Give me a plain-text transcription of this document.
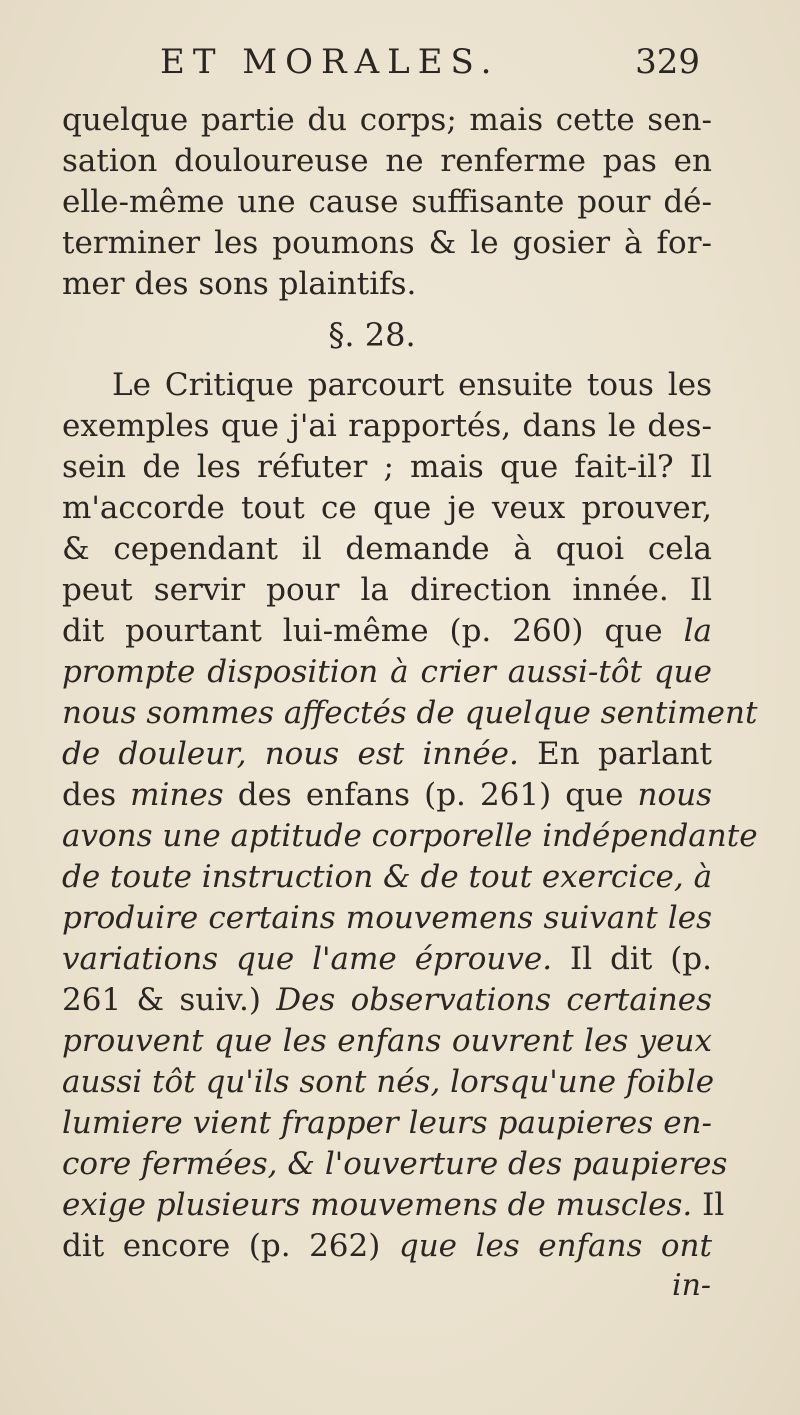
ET MORALES.	329
quelque partie du corps; mais cette sen-
sation douloureuse ne renferme pas en
elle-même une cause suffisante pour dé-
terminer les poumons & le gosier à for-
mer des sons plaintifs.
§. 28.
Le Critique parcourt ensuite tous les
exemples que j'ai rapportés, dans le des-
sein de les réfuter ; mais que fait-il? Il
m'accorde tout ce que je veux prouver,
& cependant il demande à quoi cela
peut servir pour la direction innée. Il
dit pourtant lui-même (p. 260) que la
prompte disposition à crier aussi-tôt que
nous sommes affectés de quelque sentiment
de douleur, nous est innée. En parlant
des mines des enfans (p. 261) que nous
avons une aptitude corporelle indépendante
de toute instruction & de tout exercice, à
produire certains mouvemens suivant les
variations que l'ame éprouve. Il dit (p.
261 & suiv.) Des observations certaines
prouvent que les enfans ouvrent les yeux
aussi tôt qu'ils sont nés, lorsqu'une foible
lumiere vient frapper leurs paupieres en-
core fermées, & l'ouverture des paupieres
exige plusieurs mouvemens de muscles. Il
dit encore (p. 262) que les enfans ont
in-
